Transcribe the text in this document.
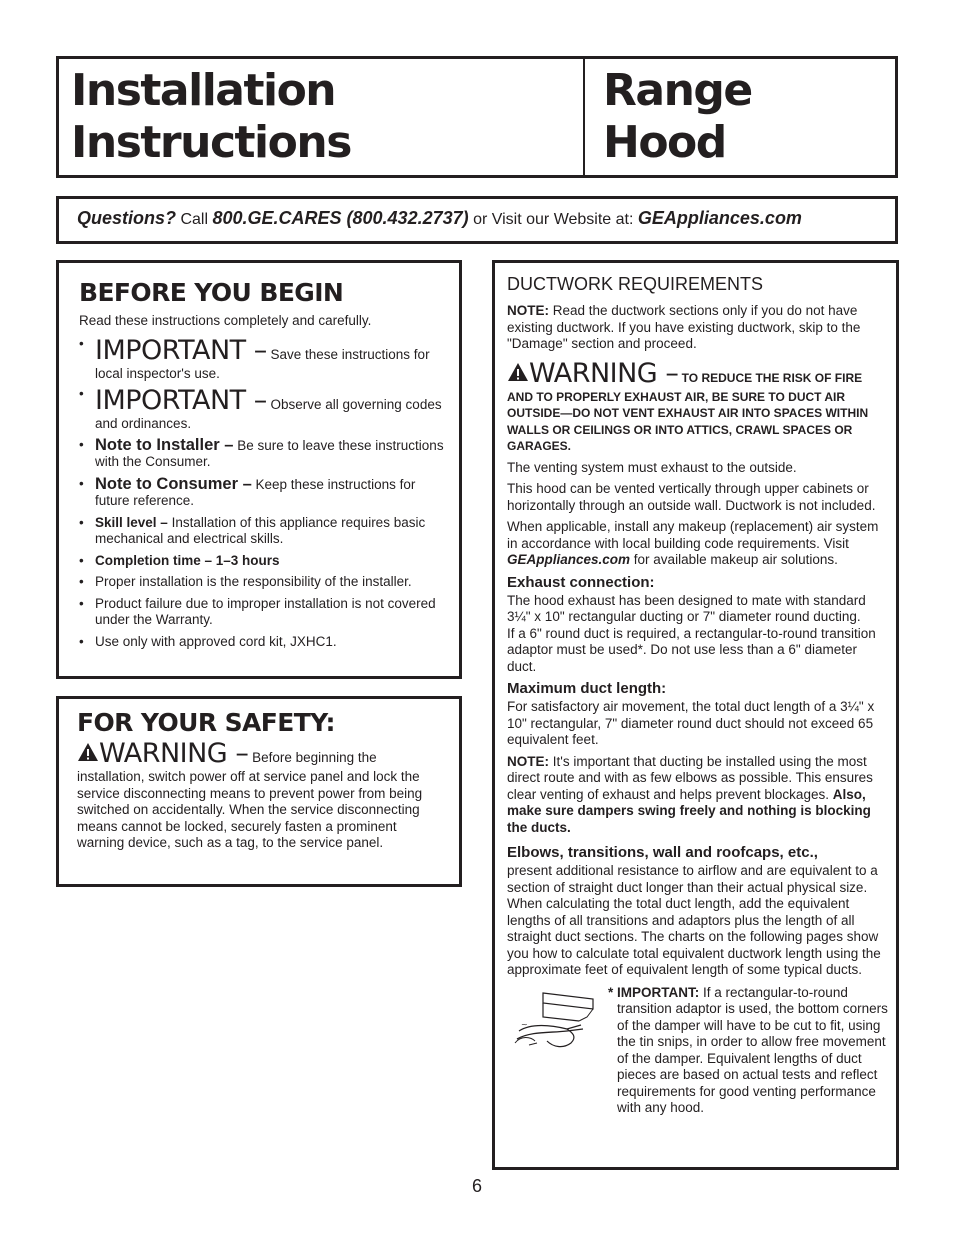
Installation
Instructions
Range Hood
Questions? Call 800.GE.CARES (800.432.2737) or Visit our Website at: GEAppliances.com
BEFORE YOU BEGIN
Read these instructions completely and carefully.
• IMPORTANT – Save these instructions for local inspector's use.
• IMPORTANT – Observe all governing codes and ordinances.
• Note to Installer – Be sure to leave these instructions with the Consumer.
• Note to Consumer – Keep these instructions for future reference.
• Skill level – Installation of this appliance requires basic mechanical and electrical skills.
• Completion time – 1–3 hours
• Proper installation is the responsibility of the installer.
• Product failure due to improper installation is not covered under the Warranty.
• Use only with approved cord kit, JXHC1.
FOR YOUR SAFETY:
WARNING – Before beginning the installation, switch power off at service panel and lock the service disconnecting means to prevent power from being switched on accidentally. When the service disconnecting means cannot be locked, securely fasten a prominent warning device, such as a tag, to the service panel.
DUCTWORK REQUIREMENTS

NOTE: Read the ductwork sections only if you do not have existing ductwork. If you have existing ductwork, skip to the "Damage" section and proceed.

WARNING – TO REDUCE THE RISK OF FIRE AND TO PROPERLY EXHAUST AIR, BE SURE TO DUCT AIR OUTSIDE—DO NOT VENT EXHAUST AIR INTO SPACES WITHIN WALLS OR CEILINGS OR INTO ATTICS, CRAWL SPACES OR GARAGES.

The venting system must exhaust to the outside.

This hood can be vented vertically through upper cabinets or horizontally through an outside wall. Ductwork is not included.

When applicable, install any makeup (replacement) air system in accordance with local building code requirements. Visit GEAppliances.com for available makeup air solutions.

Exhaust connection:

The hood exhaust has been designed to mate with standard 3¼" x 10" rectangular ducting or 7" diameter round ducting.

If a 6" round duct is required, a rectangular-to-round transition adaptor must be used*. Do not use less than a 6" diameter duct.

Maximum duct length:

For satisfactory air movement, the total duct length of a 3¼" x 10" rectangular, 7" diameter round duct should not exceed 65 equivalent feet.

NOTE: It's important that ducting be installed using the most direct route and with as few elbows as possible. This ensures clear venting of exhaust and helps prevent blockages. Also, make sure dampers swing freely and nothing is blocking the ducts.

Elbows, transitions, wall and roofcaps, etc.,

present additional resistance to airflow and are equivalent to a section of straight duct longer than their actual physical size. When calculating the total duct length, add the equivalent lengths of all transitions and adaptors plus the length of all straight duct sections. The charts on the following pages show you how to calculate total equivalent ductwork length using the approximate feet of equivalent length of some typical ducts.

~
* IMPORTANT: If a rectangular-to-round transition adaptor is used, the bottom corners of the damper will have to be cut to fit, using the tin snips, in order to allow free movement of the damper. Equivalent lengths of duct pieces are based on actual tests and reflect requirements for good venting performance with any hood.
6
